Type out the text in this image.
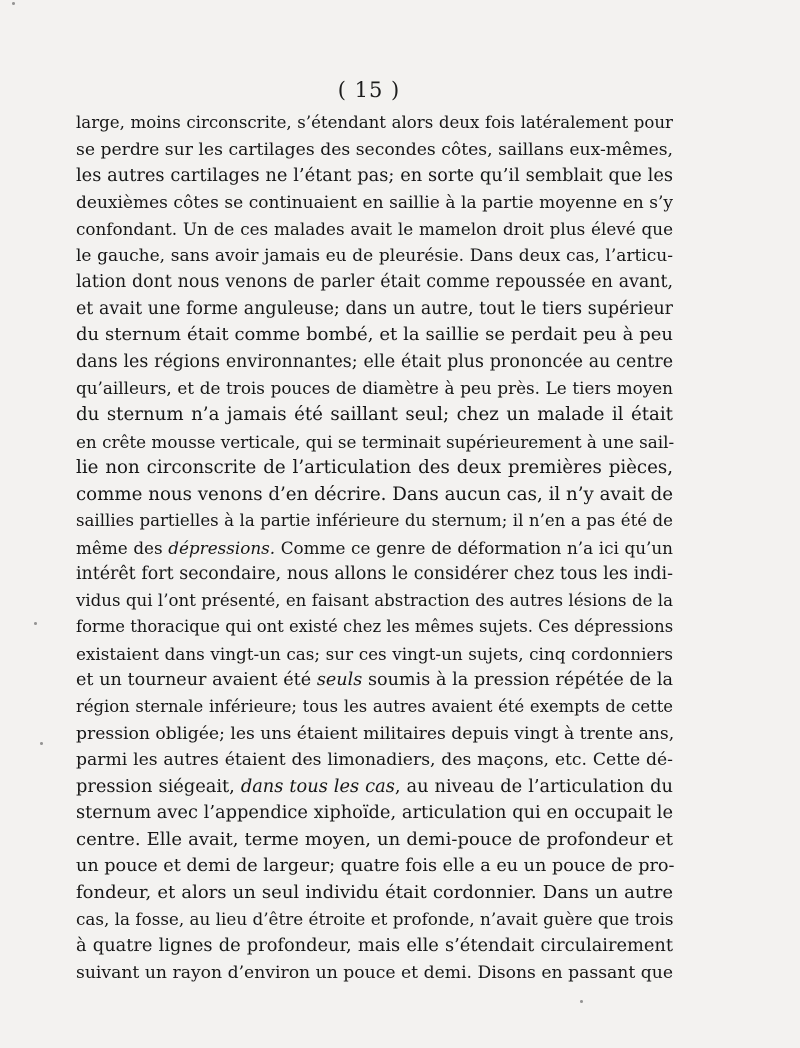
( 15 )
large, moins circonscrite, s’étendant alors deux fois latéralement pour
se perdre sur les cartilages des secondes côtes, saillans eux-mêmes,
les autres cartilages ne l’étant pas; en sorte qu’il semblait que les
deuxièmes côtes se continuaient en saillie à la partie moyenne en s’y
confondant. Un de ces malades avait le mamelon droit plus élevé que
le gauche, sans avoir jamais eu de pleurésie. Dans deux cas, l’articu-
lation dont nous venons de parler était comme repoussée en avant,
et avait une forme anguleuse; dans un autre, tout le tiers supérieur
du sternum était comme bombé, et la saillie se perdait peu à peu
dans les régions environnantes; elle était plus prononcée au centre
qu’ailleurs, et de trois pouces de diamètre à peu près. Le tiers moyen
du sternum n’a jamais été saillant seul; chez un malade il était
en crête mousse verticale, qui se terminait supérieurement à une sail-
lie non circonscrite de l’articulation des deux premières pièces,
comme nous venons d’en décrire. Dans aucun cas, il n’y avait de
saillies partielles à la partie inférieure du sternum; il n’en a pas été de
même des dépressions. Comme ce genre de déformation n’a ici qu’un
intérêt fort secondaire, nous allons le considérer chez tous les indi-
vidus qui l’ont présenté, en faisant abstraction des autres lésions de la
forme thoracique qui ont existé chez les mêmes sujets. Ces dépressions
existaient dans vingt-un cas; sur ces vingt-un sujets, cinq cordonniers
et un tourneur avaient été seuls soumis à la pression répétée de la
région sternale inférieure; tous les autres avaient été exempts de cette
pression obligée; les uns étaient militaires depuis vingt à trente ans,
parmi les autres étaient des limonadiers, des maçons, etc. Cette dé-
pression siégeait, dans tous les cas, au niveau de l’articulation du
sternum avec l’appendice xiphoïde, articulation qui en occupait le
centre. Elle avait, terme moyen, un demi-pouce de profondeur et
un pouce et demi de largeur; quatre fois elle a eu un pouce de pro-
fondeur, et alors un seul individu était cordonnier. Dans un autre
cas, la fosse, au lieu d’être étroite et profonde, n’avait guère que trois
à quatre lignes de profondeur, mais elle s’étendait circulairement
suivant un rayon d’environ un pouce et demi. Disons en passant que
